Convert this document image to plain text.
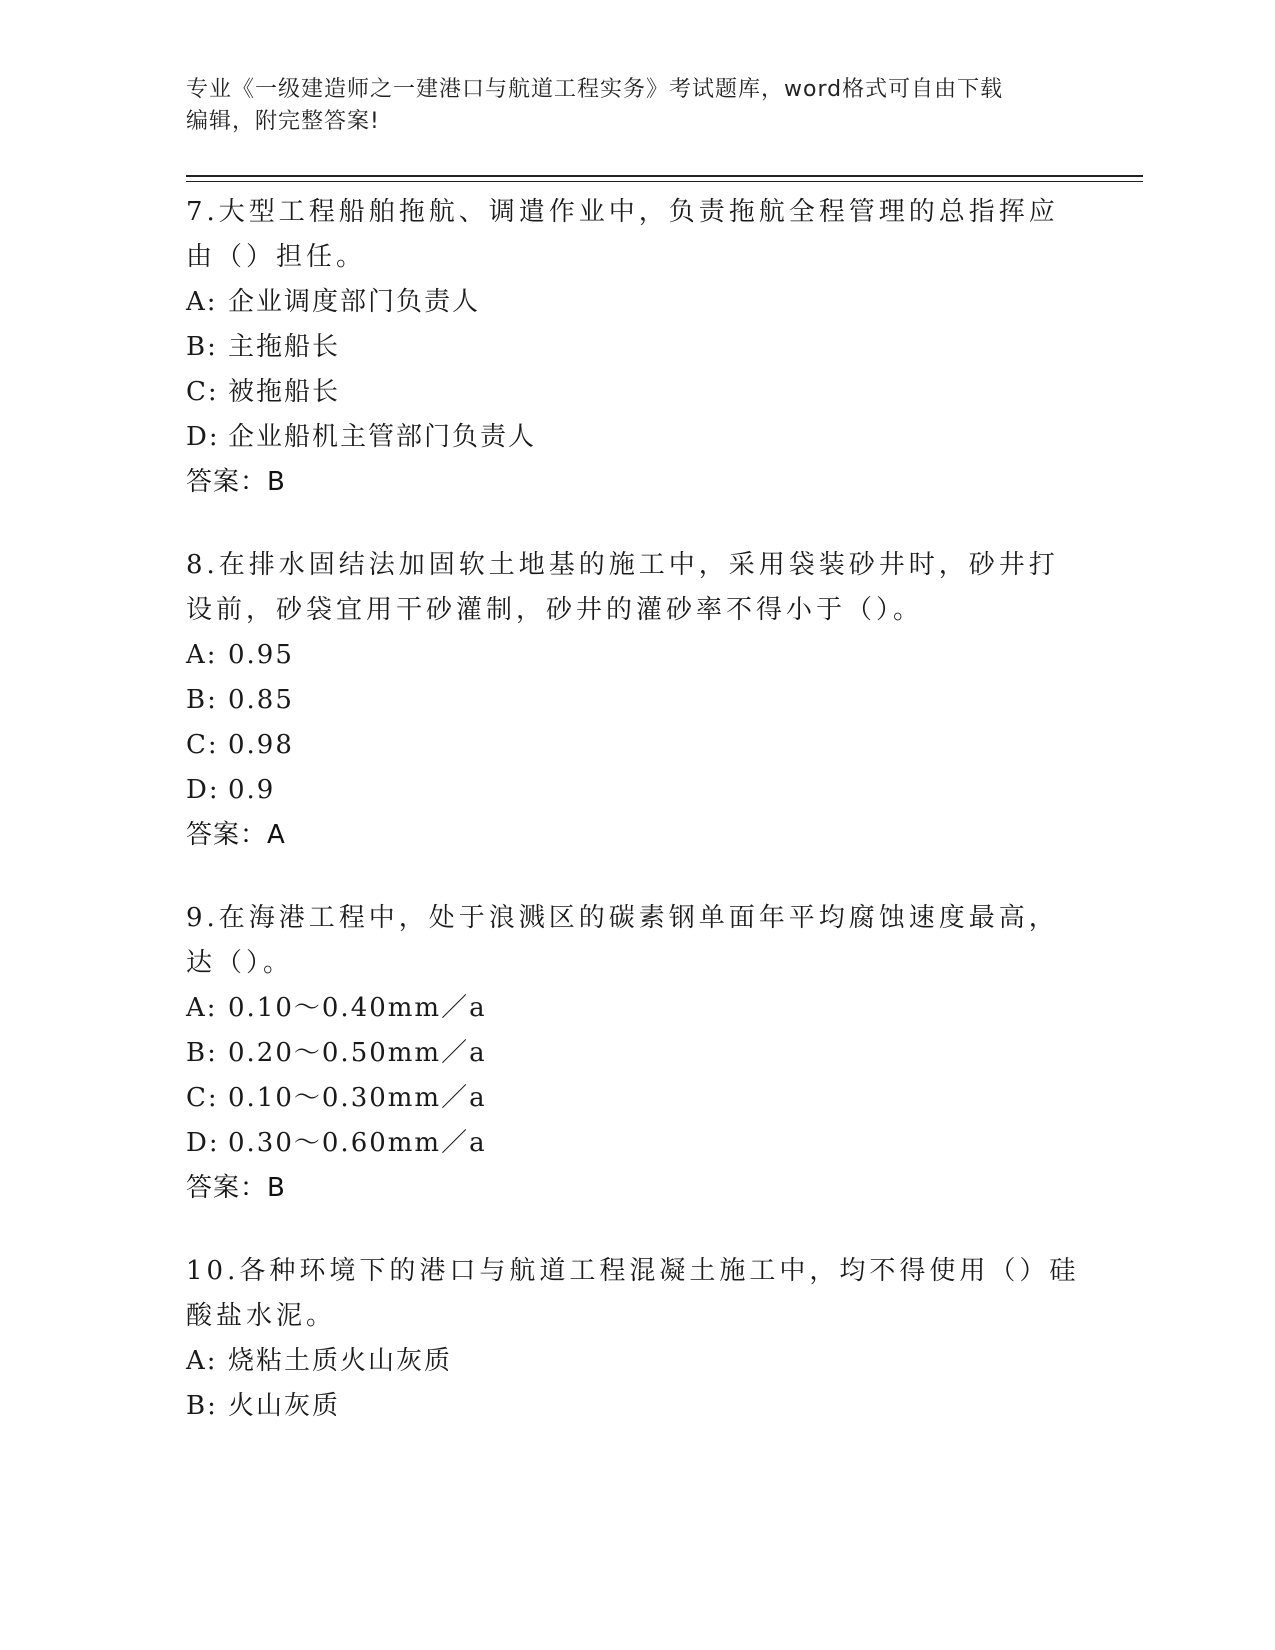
专业《一级建造师之一建港口与航道工程实务》考试题库，word格式可自由下载
编辑，附完整答案!

7.大型工程船舶拖航、调遣作业中，负责拖航全程管理的总指挥应由（）担任。

A: 企业调度部门负责人

B: 主拖船长

C: 被拖船长

D: 企业船机主管部门负责人

答案：B

8.在排水固结法加固软土地基的施工中，采用袋装砂井时，砂井打设前，砂袋宜用干砂灌制，砂井的灌砂率不得小于（）。

A: 0.95

B: 0.85

C: 0.98

D: 0.9

答案：A

9.在海港工程中，处于浪溅区的碳素钢单面年平均腐蚀速度最高，达（）。

A: 0.10～0.40mm／a

B: 0.20～0.50mm／a

C: 0.10～0.30mm／a

D: 0.30～0.60mm／a

答案：B

10.各种环境下的港口与航道工程混凝土施工中，均不得使用（）硅酸盐水泥。

A: 烧粘土质火山灰质

B: 火山灰质
